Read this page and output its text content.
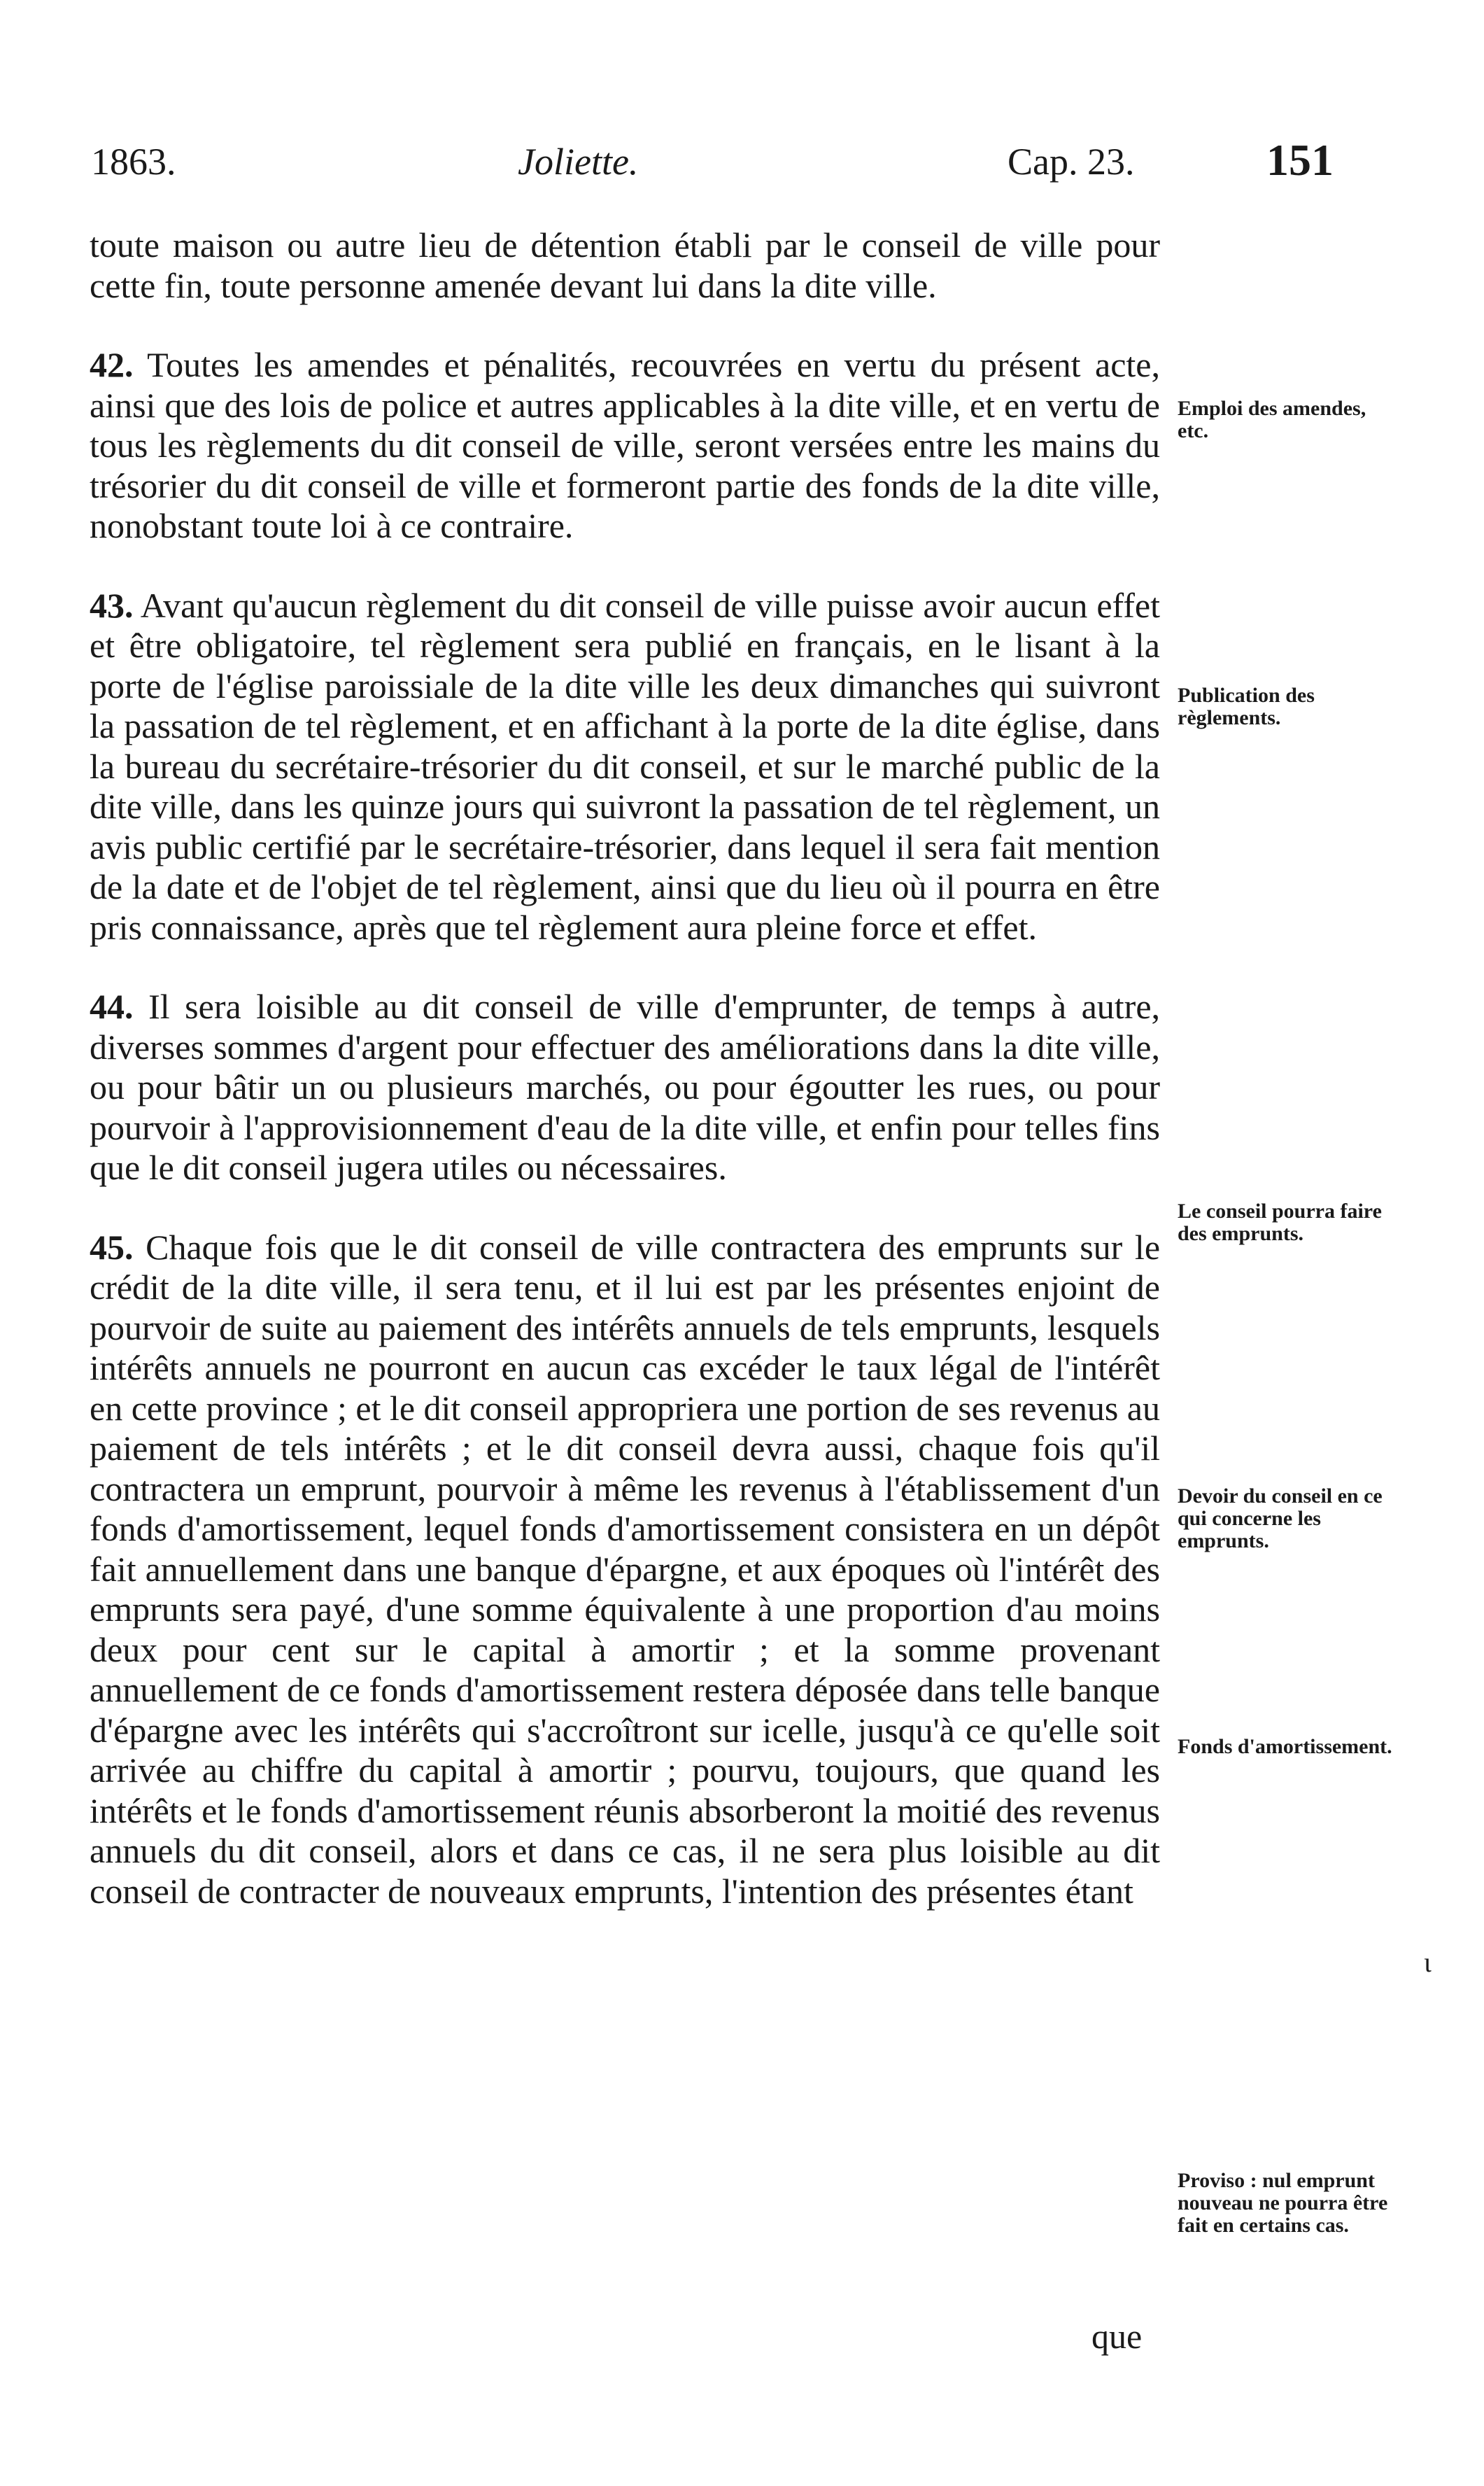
1863.	Joliette.	Cap. 23.	151

toute maison ou autre lieu de détention établi par le conseil de ville pour cette fin, toute personne amenée devant lui dans la dite ville.

42. Toutes les amendes et pénalités, recouvrées en vertu du présent acte, ainsi que des lois de police et autres applicables à la dite ville, et en vertu de tous les règlements du dit conseil de ville, seront versées entre les mains du trésorier du dit conseil de ville et formeront partie des fonds de la dite ville, nonobstant toute loi à ce contraire.

43. Avant qu'aucun règlement du dit conseil de ville puisse avoir aucun effet et être obligatoire, tel règlement sera publié en français, en le lisant à la porte de l'église paroissiale de la dite ville les deux dimanches qui suivront la passation de tel règlement, et en affichant à la porte de la dite église, dans la bureau du secrétaire-trésorier du dit conseil, et sur le marché public de la dite ville, dans les quinze jours qui suivront la passation de tel règlement, un avis public certifié par le secrétaire-trésorier, dans lequel il sera fait mention de la date et de l'objet de tel règlement, ainsi que du lieu où il pourra en être pris connaissance, après que tel règlement aura pleine force et effet.

44. Il sera loisible au dit conseil de ville d'emprunter, de temps à autre, diverses sommes d'argent pour effectuer des améliorations dans la dite ville, ou pour bâtir un ou plusieurs marchés, ou pour égoutter les rues, ou pour pourvoir à l'approvisionnement d'eau de la dite ville, et enfin pour telles fins que le dit conseil jugera utiles ou nécessaires.

45. Chaque fois que le dit conseil de ville contractera des emprunts sur le crédit de la dite ville, il sera tenu, et il lui est par les présentes enjoint de pourvoir de suite au paiement des intérêts annuels de tels emprunts, lesquels intérêts annuels ne pourront en aucun cas excéder le taux légal de l'intérêt en cette province ; et le dit conseil appropriera une portion de ses revenus au paiement de tels intérêts ; et le dit conseil devra aussi, chaque fois qu'il contractera un emprunt, pourvoir à même les revenus à l'établissement d'un fonds d'amortissement, lequel fonds d'amortissement consistera en un dépôt fait annuellement dans une banque d'épargne, et aux époques où l'intérêt des emprunts sera payé, d'une somme équivalente à une proportion d'au moins deux pour cent sur le capital à amortir ; et la somme provenant annuellement de ce fonds d'amortissement restera déposée dans telle banque d'épargne avec les intérêts qui s'accroîtront sur icelle, jusqu'à ce qu'elle soit arrivée au chiffre du capital à amortir ; pourvu, toujours, que quand les intérêts et le fonds d'amortissement réunis absorberont la moitié des revenus annuels du dit conseil, alors et dans ce cas, il ne sera plus loisible au dit conseil de contracter de nouveaux emprunts, l'intention des présentes étant

Emploi des amendes, etc.
Publication des règlements.
Le conseil pourra faire des emprunts.
Devoir du conseil en ce qui concerne les emprunts.
Fonds d'amortissement.
Proviso : nul emprunt nouveau ne pourra être fait en certains cas.
que
ɩ
